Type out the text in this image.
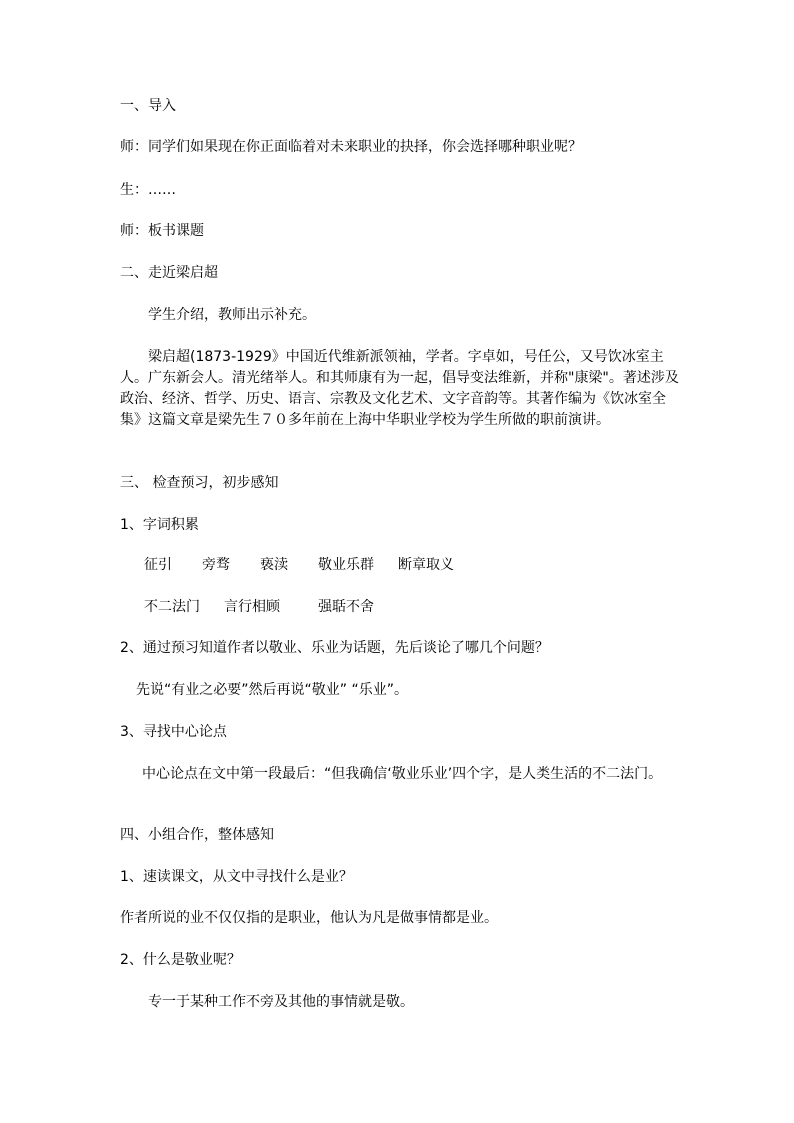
一、导入
师：同学们如果现在你正面临着对未来职业的抉择，你会选择哪种职业呢？
生：……
师：板书课题
二、走近梁启超
学生介绍，教师出示补充。
梁启超(1873-1929》中国近代维新派领袖，学者。字卓如，号任公，又号饮冰室主人。广东新会人。清光绪举人。和其师康有为一起，倡导变法维新，并称"康梁"。著述涉及政治、经济、哲学、历史、语言、宗教及文化艺术、文字音韵等。其著作编为《饮冰室全集》这篇文章是梁先生７０多年前在上海中华职业学校为学生所做的职前演讲。
三、 检查预习，初步感知
1、字词积累
征引	旁骛	亵渎	敬业乐群	断章取义
不二法门	言行相顾	强聒不舍
2、通过预习知道作者以敬业、乐业为话题，先后谈论了哪几个问题？
先说“有业之必要”然后再说“敬业” “乐业”。
3、寻找中心论点
中心论点在文中第一段最后：“但我确信‘敬业乐业’四个字，是人类生活的不二法门。
四、小组合作，整体感知
1、速读课文，从文中寻找什么是业？
作者所说的业不仅仅指的是职业，他认为凡是做事情都是业。
2、什么是敬业呢？
专一于某种工作不旁及其他的事情就是敬。
